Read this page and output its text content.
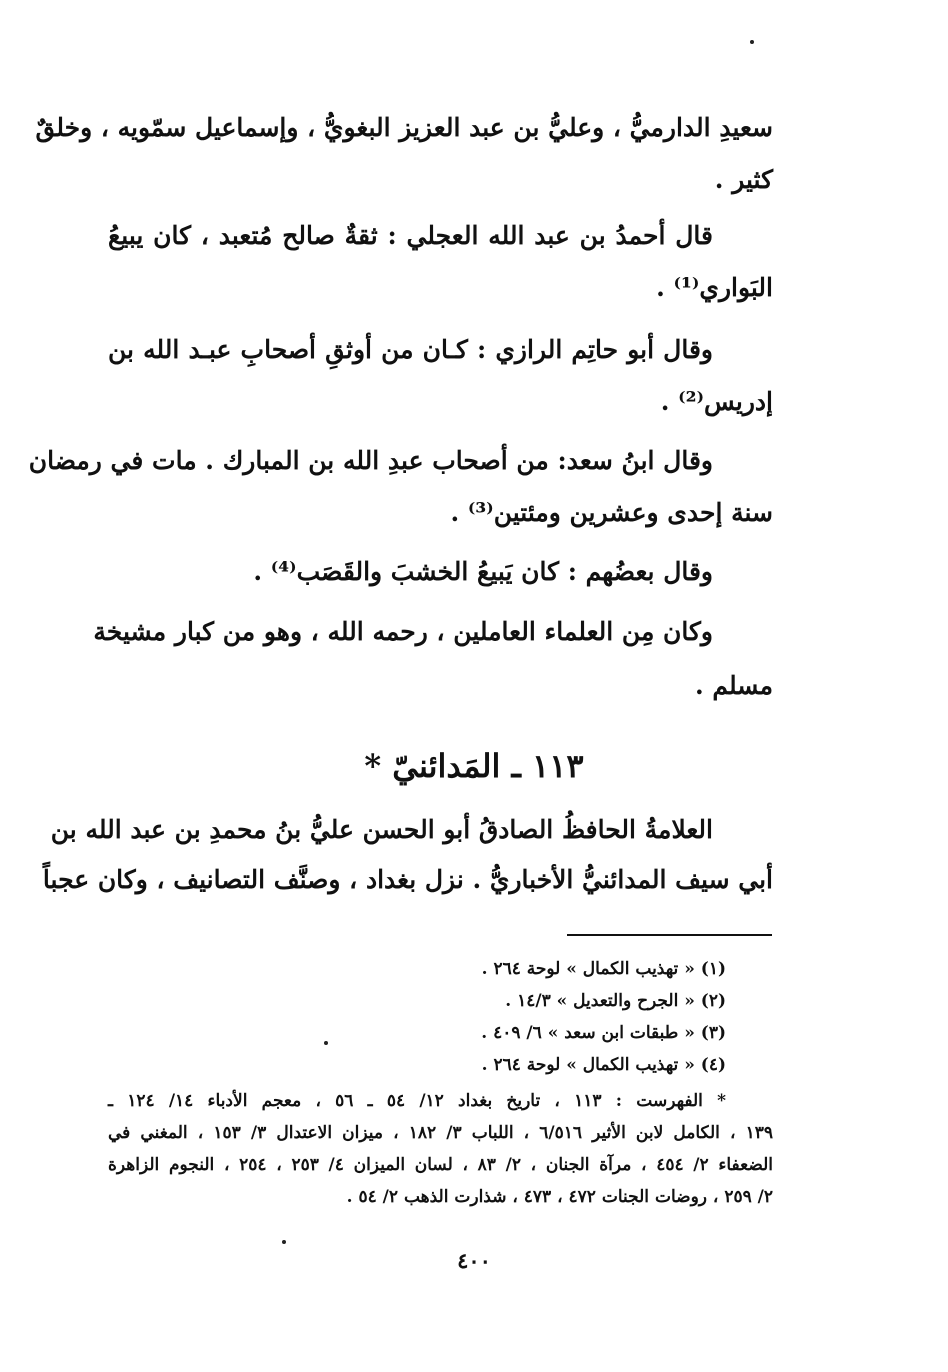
سعيدِ الدارميُّ ، وعليُّ بن عبد العزيز البغويُّ ، وإسماعيل سمّويه ، وخلقٌ
كثير .
قال أحمدُ بن عبد الله العجلي : ثقةٌ صالح مُتعبد ، كان يبيعُ
البَواري⁽¹⁾ .
وقال أبو حاتِم الرازي : كـان من أوثقِ أصحابِ عبـد الله بن
إدريس⁽²⁾ .
وقال ابنُ سعد: من أصحاب عبدِ الله بن المبارك . مات في رمضان
سنة إحدى وعشرين ومئتين⁽³⁾ .
وقال بعضُهم : كان يَبيعُ الخشبَ والقَصَب⁽⁴⁾ .
وكان مِن العلماء العاملين ، رحمه الله ، وهو من كبار مشيخة
مسلم .
١١٣ ـ المَدائنيّ *
العلامةُ الحافظُ الصادقُ أبو الحسن عليُّ بنُ محمدِ بن عبد الله بن
أبي سيف المدائنيُّ الأخباريُّ . نزل بغداد ، وصنَّف التصانيف ، وكان عجباً
(١) « تهذيب الكمال » لوحة ٢٦٤ .
(٢) « الجرح والتعديل » ١٤/٣ .
(٣) « طبقات ابن سعد » ٦/ ٤٠٩ .
(٤) « تهذيب الكمال » لوحة ٢٦٤ .
* الفهرست : ١١٣ ، تاريخ بغداد ١٢/ ٥٤ ـ ٥٦ ، معجم الأدباء ١٤/ ١٢٤ ـ
١٣٩ ، الكامل لابن الأثير ٦/٥١٦ ، اللباب ٣/ ١٨٢ ، ميزان الاعتدال ٣/ ١٥٣ ، المغني في
الضعفاء ٢/ ٤٥٤ ، مرآة الجنان ، ٢/ ٨٣ ، لسان الميزان ٤/ ٢٥٣ ، ٢٥٤ ، النجوم الزاهرة
٢/ ٢٥٩ ، روضات الجنات ٤٧٢ ، ٤٧٣ ، شذارت الذهب ٢/ ٥٤ .
٤٠٠
